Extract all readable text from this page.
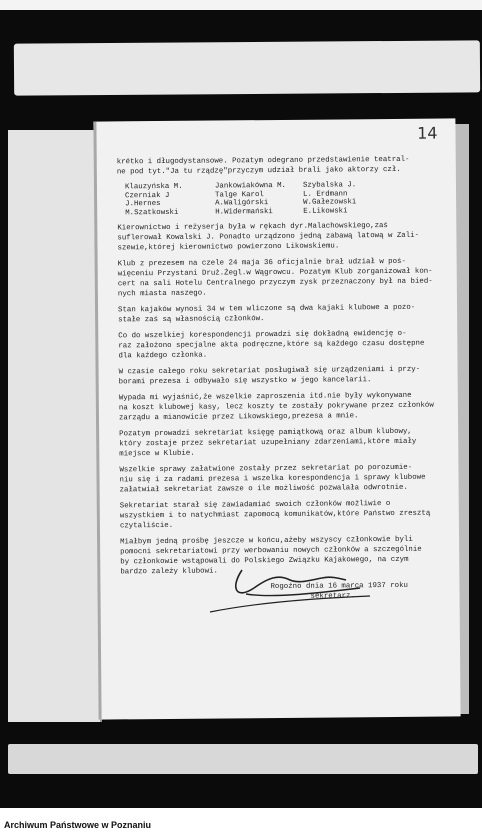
14
krétko i długodystansowe. Pozatym odegrano przedstawienie teatral-
ne pod tyt."Ja tu rządzę"przyczym udział brali jako aktorzy czł.
Klauzyńska M.	Jankowiakówna M.	Szybalska J.
Czerniak J	Talge Karol	L. Erdmann
J.Hernes	A.Waligórski	W.Gałezowski
M.Szatkowski	H.Widermański	E.Likowski
Kierownictwo i reżyserja była w rękach dyr.Malachowskiego,zaś
suflerował Kowalski J. Ponadto urządzono jedną zabawą latową w Zali-
szewie,której kierownictwo powierzono Likowskiemu.
Klub z prezesem na czele 24 maja 36 oficjalnie brał udział w poś-
więceniu Przystani Druż.Żegl.w Wągrowcu. Pozatym Klub zorganizował kon-
cert na sali Hotelu Centralnego przyczym zysk przeznaczony był na bied-
nych miasta naszego.
Stan kajaków wynosi 34 w tem wliczone są dwa kajaki klubowe a pozo-
stałe zaś są własnością członków.
Co do wszelkiej korespondencji prowadzi się dokładną ewidencję o-
raz założono specjalne akta podręczne,które są każdego czasu dostępne
dla każdego członka.
W czasie całego roku sekretariat posługiwał się urządzeniami i przy-
borami prezesa i odbywało się wszystko w jego kancelarii.
Wypada mi wyjaśnić,że wszelkie zaproszenia itd.nie były wykonywane
na koszt klubowej kasy, lecz koszty te zostały pokrywane przez członków
zarządu a mianowicie przez Likowskiego,prezesa a mnie.
Pozatym prowadzi sekretariat księgę pamiątkową oraz album klubowy,
który zostaje przez sekretariat uzupełniany zdarzeniami,które miały
miejsce w Klubie.
Wszelkie sprawy załatwione zostały przez sekretariat po porozumie-
niu się i za radami prezesa i wszelka korespondencja i sprawy klubowe
załatwiał sekretariat zawsze o ile możliwość pozwalała odwrotnie.
Sekretariat starał się zawiadamiać swoich członków możliwie o
wszystkiem i to natychmiast zapomocą komunikatów,które Państwo zresztą
czytaliście.
Miałbym jedną prośbę jeszcze w końcu,ażeby wszyscy członkowie byli
pomocni sekretariatowi przy werbowaniu nowych członków a szczególnie
by członkowie wstąpowali do Polskiego Związku Kajakowego, na czym
bardzo zależy klubowi.
Rogoźno dnia 16 marca 1937 roku
sekretarz.
Archiwum Państwowe w Poznaniu
